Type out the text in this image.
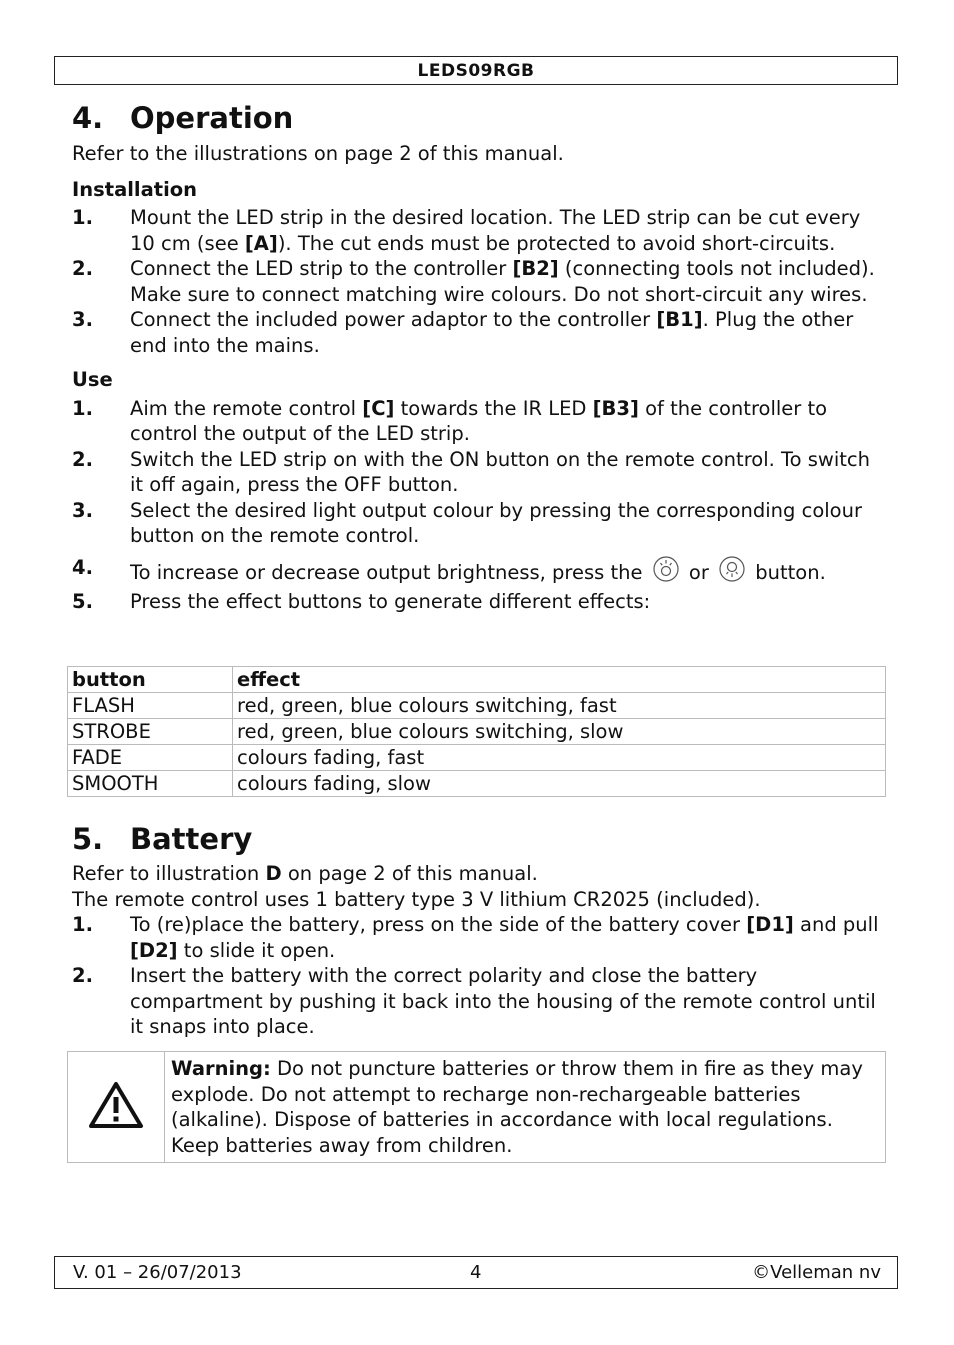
LEDS09RGB
4. Operation

Refer to the illustrations on page 2 of this manual.

Installation

1.	Mount the LED strip in the desired location. The LED strip can be cut every 10 cm (see [A]). The cut ends must be protected to avoid short-circuits.
2.	Connect the LED strip to the controller [B2] (connecting tools not included). Make sure to connect matching wire colours. Do not short-circuit any wires.
3.	Connect the included power adaptor to the controller [B1]. Plug the other end into the mains.

Use

1.	Aim the remote control [C] towards the IR LED [B3] of the controller to control the output of the LED strip.
2.	Switch the LED strip on with the ON button on the remote control. To switch it off again, press the OFF button.
3.	Select the desired light output colour by pressing the corresponding colour button on the remote control.
4.	To increase or decrease output brightness, press the or button.
5.	Press the effect buttons to generate different effects:
button	effect
FLASH	red, green, blue colours switching, fast
STROBE	red, green, blue colours switching, slow
FADE	colours fading, fast
SMOOTH	colours fading, slow
5. Battery

Refer to illustration D on page 2 of this manual.

The remote control uses 1 battery type 3 V lithium CR2025 (included).

1.	To (re)place the battery, press on the side of the battery cover [D1] and pull [D2] to slide it open.
2.	Insert the battery with the correct polarity and close the battery compartment by pushing it back into the housing of the remote control until it snaps into place.
Warning: Do not puncture batteries or throw them in fire as they may explode. Do not attempt to recharge non-rechargeable batteries (alkaline). Dispose of batteries in accordance with local regulations. Keep batteries away from children.
V. 01 – 26/07/2013	4	©Velleman nv
